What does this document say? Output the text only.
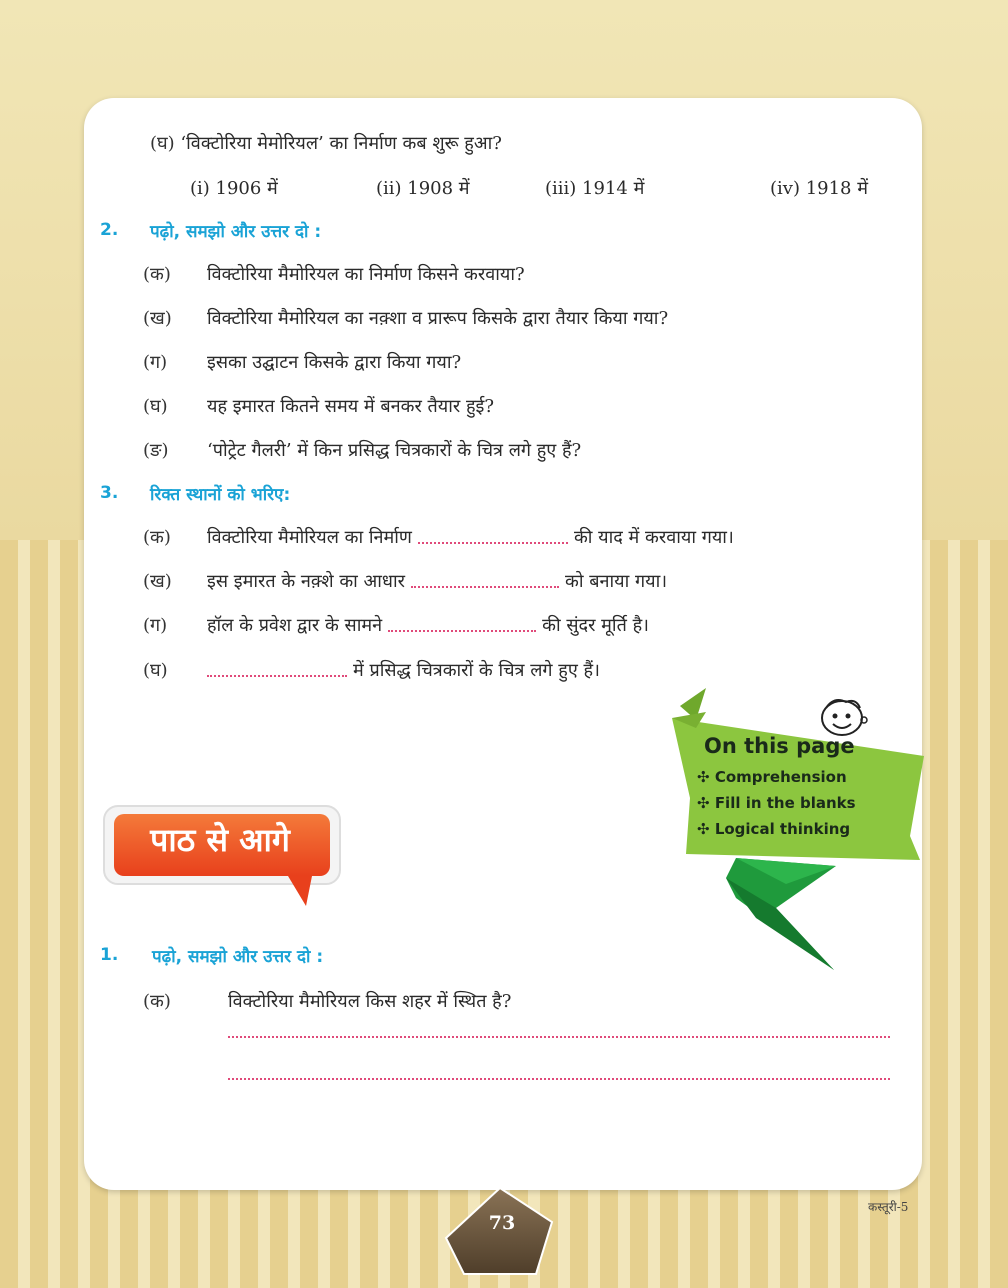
(घ) ‘विक्टोरिया मेमोरियल’ का निर्माण कब शुरू हुआ?
(i) 1906 में	(ii) 1908 में	(iii) 1914 में	(iv) 1918 में
2. पढ़ो, समझो और उत्तर दो :
(क) विक्टोरिया मैमोरियल का निर्माण किसने करवाया?
(ख) विक्टोरिया मैमोरियल का नक़्शा व प्रारूप किसके द्वारा तैयार किया गया?
(ग) इसका उद्घाटन किसके द्वारा किया गया?
(घ) यह इमारत कितने समय में बनकर तैयार हुई?
(ङ) ‘पोट्रेट गैलरी’ में किन प्रसिद्ध चित्रकारों के चित्र लगे हुए हैं?
3. रिक्त स्थानों को भरिए:
(क) विक्टोरिया मैमोरियल का निर्माण	की याद में करवाया गया।
(ख) इस इमारत के नक़्शे का आधार	को बनाया गया।
(ग) हॉल के प्रवेश द्वार के सामने	की सुंदर मूर्ति है।
(घ)	में प्रसिद्ध चित्रकारों के चित्र लगे हुए हैं।
On this page
✣ Comprehension
✣ Fill in the blanks
✣ Logical thinking
पाठ से आगे
1. पढ़ो, समझो और उत्तर दो :
(क)	विक्टोरिया मैमोरियल किस शहर में स्थित है?
73
कस्तूरी-5
